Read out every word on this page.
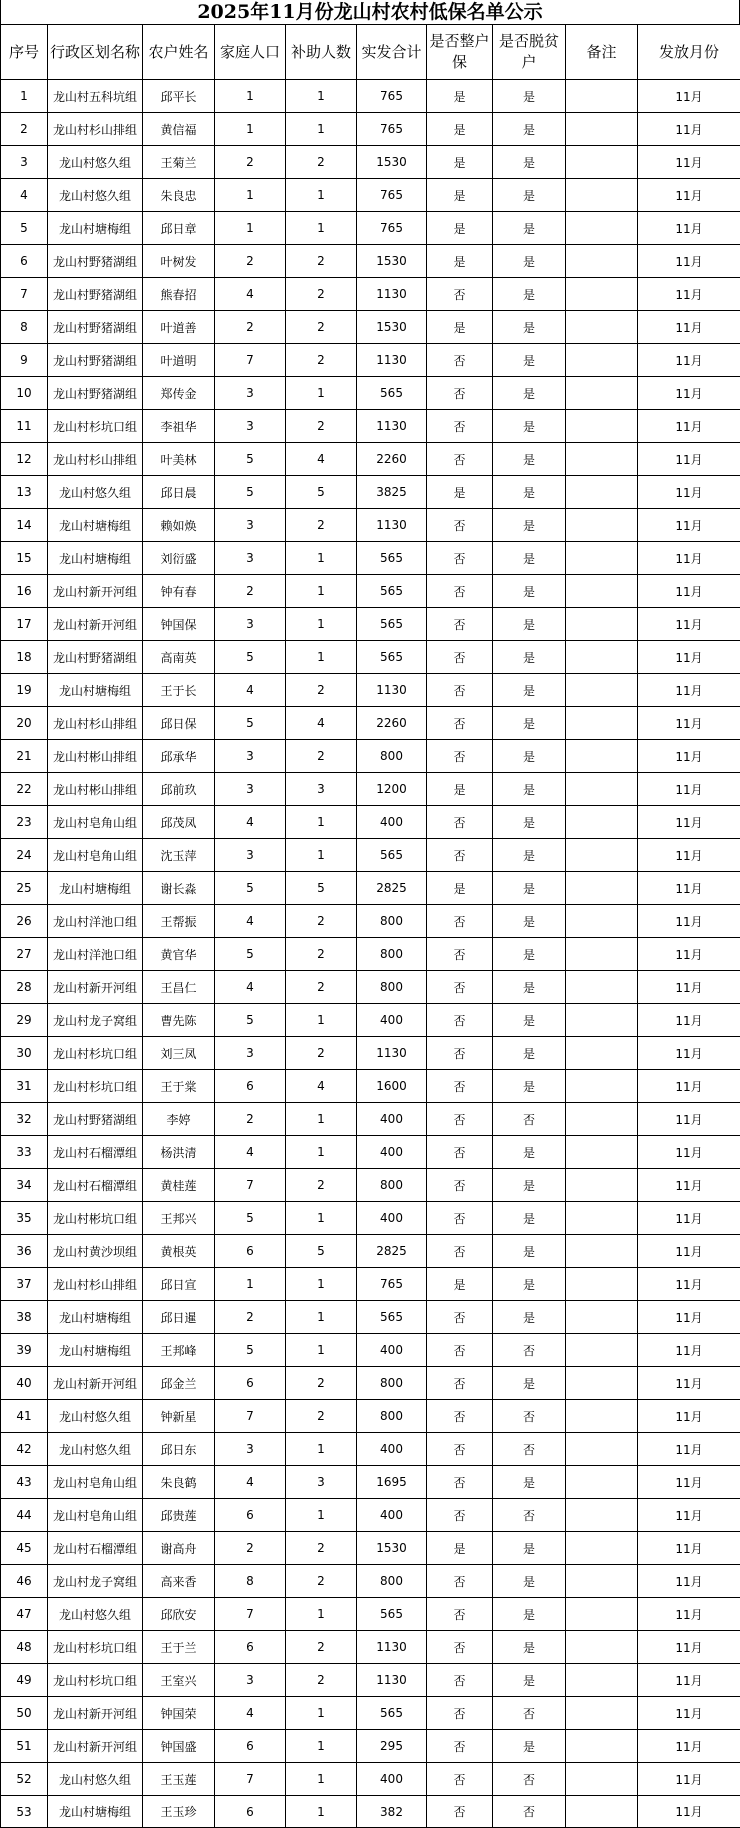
2025年11月份龙山村农村低保名单公示
序号	行政区划名称	农户姓名	家庭人口	补助人数	实发合计	是否整户保	是否脱贫户	备注	发放月份
1	龙山村五科坑组	邱平长	1	1	765	是	是		11月
2	龙山村杉山排组	黄信福	1	1	765	是	是		11月
3	龙山村悠久组	王菊兰	2	2	1530	是	是		11月
4	龙山村悠久组	朱良忠	1	1	765	是	是		11月
5	龙山村塘梅组	邱日章	1	1	765	是	是		11月
6	龙山村野猪湖组	叶树发	2	2	1530	是	是		11月
7	龙山村野猪湖组	熊春招	4	2	1130	否	是		11月
8	龙山村野猪湖组	叶道善	2	2	1530	是	是		11月
9	龙山村野猪湖组	叶道明	7	2	1130	否	是		11月
10	龙山村野猪湖组	郑传金	3	1	565	否	是		11月
11	龙山村杉坑口组	李祖华	3	2	1130	否	是		11月
12	龙山村杉山排组	叶美林	5	4	2260	否	是		11月
13	龙山村悠久组	邱日晨	5	5	3825	是	是		11月
14	龙山村塘梅组	赖如焕	3	2	1130	否	是		11月
15	龙山村塘梅组	刘衍盛	3	1	565	否	是		11月
16	龙山村新开河组	钟有春	2	1	565	否	是		11月
17	龙山村新开河组	钟国保	3	1	565	否	是		11月
18	龙山村野猪湖组	高南英	5	1	565	否	是		11月
19	龙山村塘梅组	王于长	4	2	1130	否	是		11月
20	龙山村杉山排组	邱日保	5	4	2260	否	是		11月
21	龙山村彬山排组	邱承华	3	2	800	否	是		11月
22	龙山村彬山排组	邱前玖	3	3	1200	是	是		11月
23	龙山村皂角山组	邱茂凤	4	1	400	否	是		11月
24	龙山村皂角山组	沈玉萍	3	1	565	否	是		11月
25	龙山村塘梅组	谢长淼	5	5	2825	是	是		11月
26	龙山村洋池口组	王帮振	4	2	800	否	是		11月
27	龙山村洋池口组	黄官华	5	2	800	否	是		11月
28	龙山村新开河组	王昌仁	4	2	800	否	是		11月
29	龙山村龙子窝组	曹先陈	5	1	400	否	是		11月
30	龙山村杉坑口组	刘三凤	3	2	1130	否	是		11月
31	龙山村杉坑口组	王于棠	6	4	1600	否	是		11月
32	龙山村野猪湖组	李婷	2	1	400	否	否		11月
33	龙山村石榴潭组	杨洪清	4	1	400	否	是		11月
34	龙山村石榴潭组	黄桂莲	7	2	800	否	是		11月
35	龙山村彬坑口组	王邦兴	5	1	400	否	是		11月
36	龙山村黄沙坝组	黄根英	6	5	2825	否	是		11月
37	龙山村杉山排组	邱日宣	1	1	765	是	是		11月
38	龙山村塘梅组	邱日暹	2	1	565	否	是		11月
39	龙山村塘梅组	王邦峰	5	1	400	否	否		11月
40	龙山村新开河组	邱金兰	6	2	800	否	是		11月
41	龙山村悠久组	钟新星	7	2	800	否	否		11月
42	龙山村悠久组	邱日东	3	1	400	否	否		11月
43	龙山村皂角山组	朱良鹤	4	3	1695	否	是		11月
44	龙山村皂角山组	邱贵莲	6	1	400	否	否		11月
45	龙山村石榴潭组	谢高舟	2	2	1530	是	是		11月
46	龙山村龙子窝组	高来香	8	2	800	否	是		11月
47	龙山村悠久组	邱欣安	7	1	565	否	是		11月
48	龙山村杉坑口组	王于兰	6	2	1130	否	是		11月
49	龙山村杉坑口组	王室兴	3	2	1130	否	是		11月
50	龙山村新开河组	钟国荣	4	1	565	否	否		11月
51	龙山村新开河组	钟国盛	6	1	295	否	是		11月
52	龙山村悠久组	王玉莲	7	1	400	否	否		11月
53	龙山村塘梅组	王玉珍	6	1	382	否	否		11月
